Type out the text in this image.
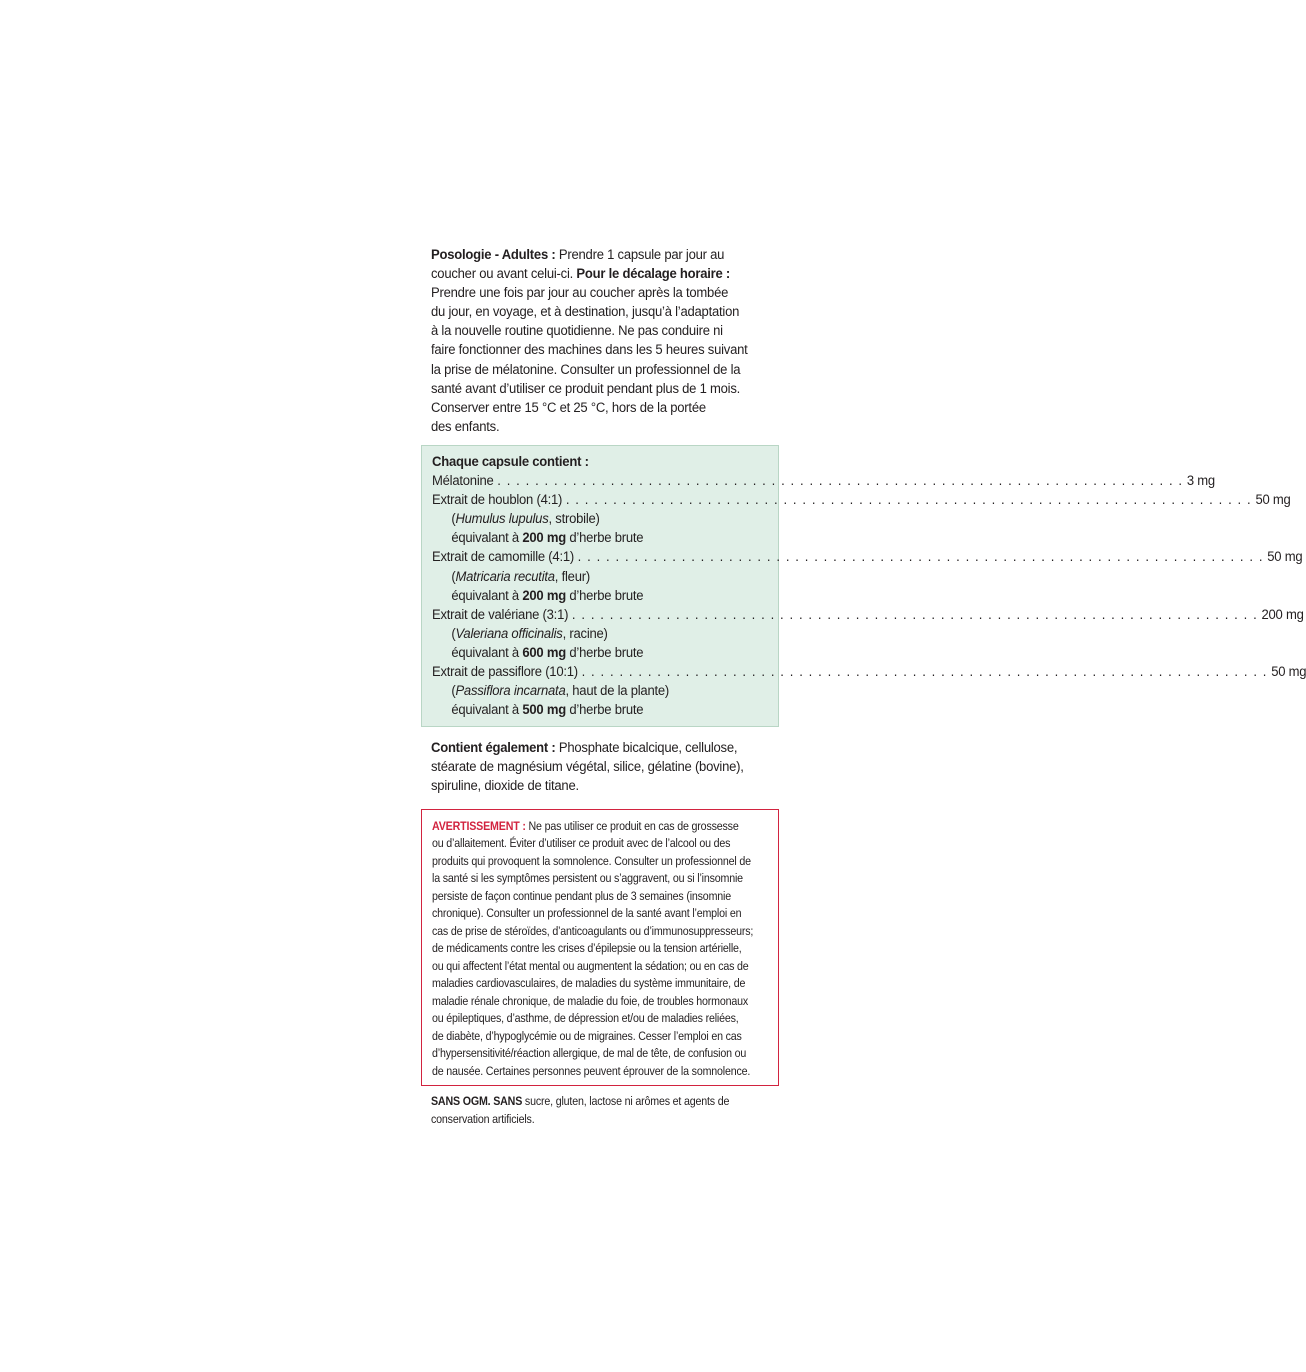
Posologie - Adultes : Prendre 1 capsule par jour au
coucher ou avant celui-ci. Pour le décalage horaire :
Prendre une fois par jour au coucher après la tombée
du jour, en voyage, et à destination, jusqu’à l’adaptation
à la nouvelle routine quotidienne. Ne pas conduire ni
faire fonctionner des machines dans les 5 heures suivant
la prise de mélatonine. Consulter un professionnel de la
santé avant d’utiliser ce produit pendant plus de 1 mois.
Conserver entre 15 °C et 25 °C, hors de la portée
des enfants.
Chaque capsule contient :
Mélatonine . . .	3 mg
Extrait de houblon (4:1) . . .	50 mg
(Humulus lupulus, strobile)
équivalant à 200 mg d’herbe brute
Extrait de camomille (4:1) . . .	50 mg
(Matricaria recutita, fleur)
équivalant à 200 mg d’herbe brute
Extrait de valériane (3:1) . . .	200 mg
(Valeriana officinalis, racine)
équivalant à 600 mg d’herbe brute
Extrait de passiflore (10:1) . . .	50 mg
(Passiflora incarnata, haut de la plante)
équivalant à 500 mg d’herbe brute
Contient également : Phosphate bicalcique, cellulose,
stéarate de magnésium végétal, silice, gélatine (bovine),
spiruline, dioxide de titane.
AVERTISSEMENT : Ne pas utiliser ce produit en cas de grossesse
ou d’allaitement. Éviter d’utiliser ce produit avec de l’alcool ou des
produits qui provoquent la somnolence. Consulter un professionnel de
la santé si les symptômes persistent ou s’aggravent, ou si l’insomnie
persiste de façon continue pendant plus de 3 semaines (insomnie
chronique). Consulter un professionnel de la santé avant l’emploi en
cas de prise de stéroïdes, d’anticoagulants ou d’immunosuppresseurs;
de médicaments contre les crises d’épilepsie ou la tension artérielle,
ou qui affectent l’état mental ou augmentent la sédation; ou en cas de
maladies cardiovasculaires, de maladies du système immunitaire, de
maladie rénale chronique, de maladie du foie, de troubles hormonaux
ou épileptiques, d’asthme, de dépression et/ou de maladies reliées,
de diabète, d’hypoglycémie ou de migraines. Cesser l’emploi en cas
d’hypersensitivité/réaction allergique, de mal de tête, de confusion ou
de nausée. Certaines personnes peuvent éprouver de la somnolence.
SANS OGM. SANS sucre, gluten, lactose ni arômes et agents de
conservation artificiels.
